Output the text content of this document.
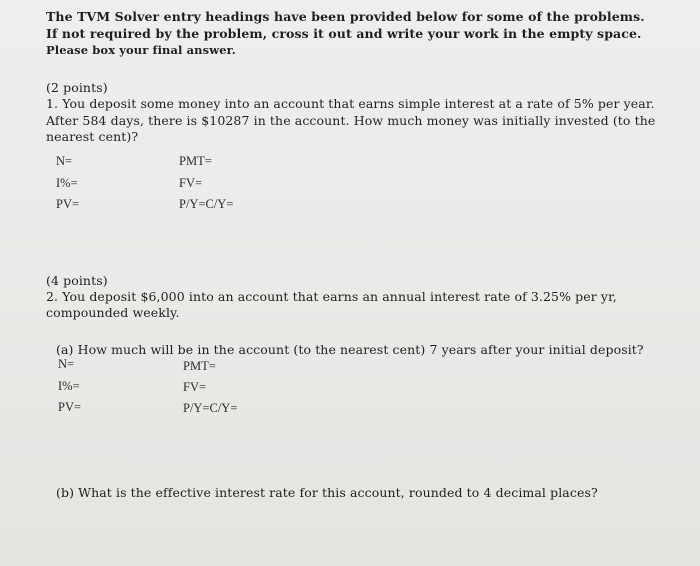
The TVM Solver entry headings have been provided below for some of the problems.
If not required by the problem, cross it out and write your work in the empty space.
Please box your final answer.
(2 points)
1. You deposit some money into an account that earns simple interest at a rate of 5% per year.
After 584 days, there is $10287 in the account. How much money was initially invested (to the
nearest cent)?
N=	PMT=
I%=	FV=
PV=	P/Y=C/Y=
(4 points)
2. You deposit $6,000 into an account that earns an annual interest rate of 3.25% per yr,
compounded weekly.
(a) How much will be in the account (to the nearest cent) 7 years after your initial deposit?
N=	PMT=
I%=	FV=
PV=	P/Y=C/Y=
(b) What is the effective interest rate for this account, rounded to 4 decimal places?
